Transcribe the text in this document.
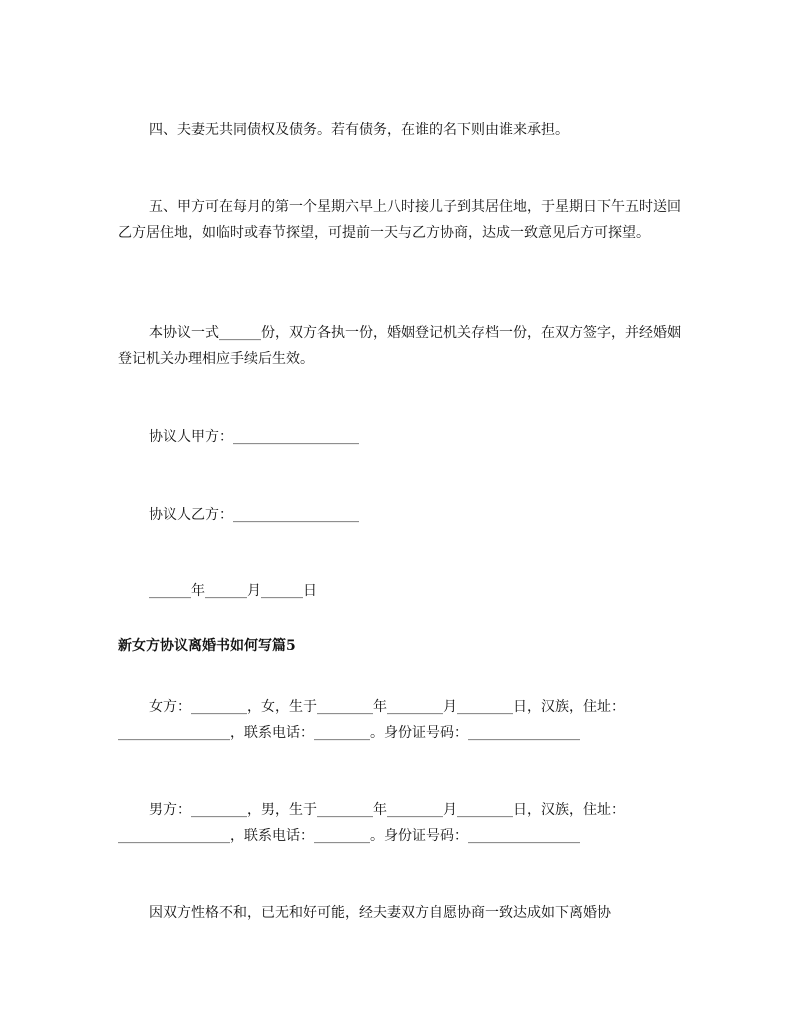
四、夫妻无共同债权及债务。若有债务，在谁的名下则由谁来承担。

五、甲方可在每月的第一个星期六早上八时接儿子到其居住地，于星期日下午五时送回乙方居住地，如临时或春节探望，可提前一天与乙方协商，达成一致意见后方可探望。

本协议一式______份，双方各执一份，婚姻登记机关存档一份，在双方签字，并经婚姻登记机关办理相应手续后生效。

协议人甲方：__________________

协议人乙方：__________________

______年______月______日

新女方协议离婚书如何写篇5

女方：________，女，生于________年________月________日，汉族，住址：________________，联系电话：________。身份证号码：________________

男方：________，男，生于________年________月________日，汉族，住址：________________，联系电话：________。身份证号码：________________

因双方性格不和，已无和好可能，经夫妻双方自愿协商一致达成如下离婚协
